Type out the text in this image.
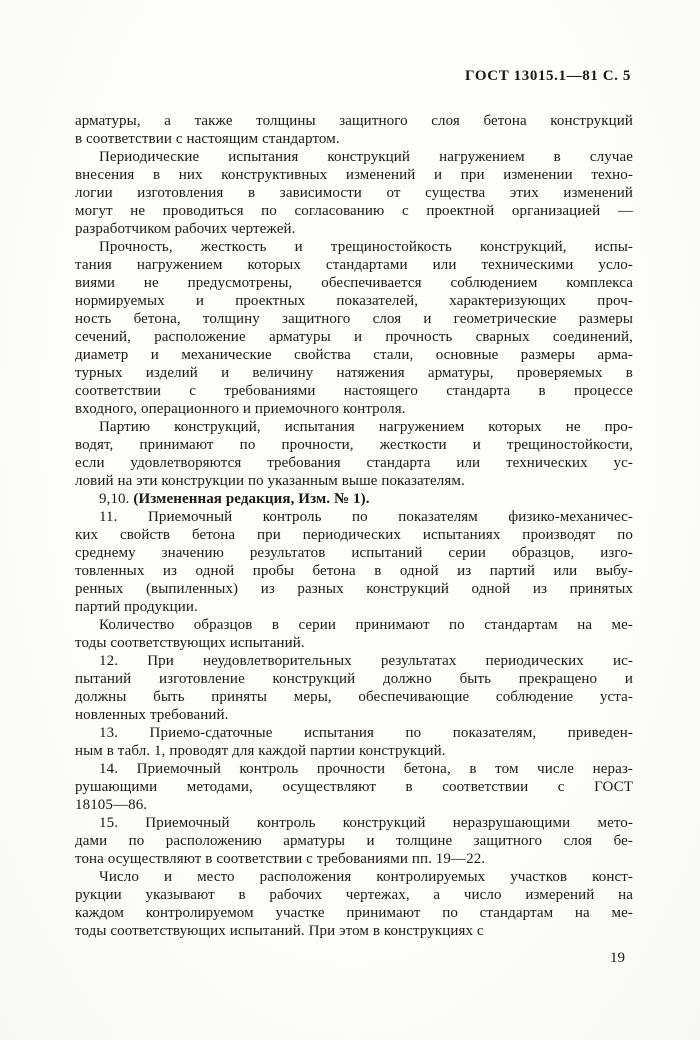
ГОСТ 13015.1—81 С. 5
арматуры, а также толщины защитного слоя бетона конструкций
в соответствии с настоящим стандартом.
Периодические испытания конструкций нагружением в случае
внесения в них конструктивных изменений и при изменении техно-
логии изготовления в зависимости от существа этих изменений
могут не проводиться по согласованию с проектной организацией —
разработчиком рабочих чертежей.
Прочность, жесткость и трещиностойкость конструкций, испы-
тания нагружением которых стандартами или техническими усло-
виями не предусмотрены, обеспечивается соблюдением комплекса
нормируемых и проектных показателей, характеризующих проч-
ность бетона, толщину защитного слоя и геометрические размеры
сечений, расположение арматуры и прочность сварных соединений,
диаметр и механические свойства стали, основные размеры арма-
турных изделий и величину натяжения арматуры, проверяемых в
соответствии с требованиями настоящего стандарта в процессе
входного, операционного и приемочного контроля.
Партию конструкций, испытания нагружением которых не про-
водят, принимают по прочности, жесткости и трещиностойкости,
если удовлетворяются требования стандарта или технических ус-
ловий на эти конструкции по указанным выше показателям.
9,10. (Измененная редакция, Изм. № 1).
11. Приемочный контроль по показателям физико-механичес-
ких свойств бетона при периодических испытаниях производят по
среднему значению результатов испытаний серии образцов, изго-
товленных из одной пробы бетона в одной из партий или выбу-
ренных (выпиленных) из разных конструкций одной из принятых
партий продукции.
Количество образцов в серии принимают по стандартам на ме-
тоды соответствующих испытаний.
12. При неудовлетворительных результатах периодических ис-
пытаний изготовление конструкций должно быть прекращено и
должны быть приняты меры, обеспечивающие соблюдение уста-
новленных требований.
13. Приемо-сдаточные испытания по показателям, приведен-
ным в табл. 1, проводят для каждой партии конструкций.
14. Приемочный контроль прочности бетона, в том числе нераз-
рушающими методами, осуществляют в соответствии с ГОСТ
18105—86.
15. Приемочный контроль конструкций неразрушающими мето-
дами по расположению арматуры и толщине защитного слоя бе-
тона осуществляют в соответствии с требованиями пп. 19—22.
Число и место расположения контролируемых участков конст-
рукции указывают в рабочих чертежах, а число измерений на
каждом контролируемом участке принимают по стандартам на ме-
тоды соответствующих испытаний. При этом в конструкциях с
19
